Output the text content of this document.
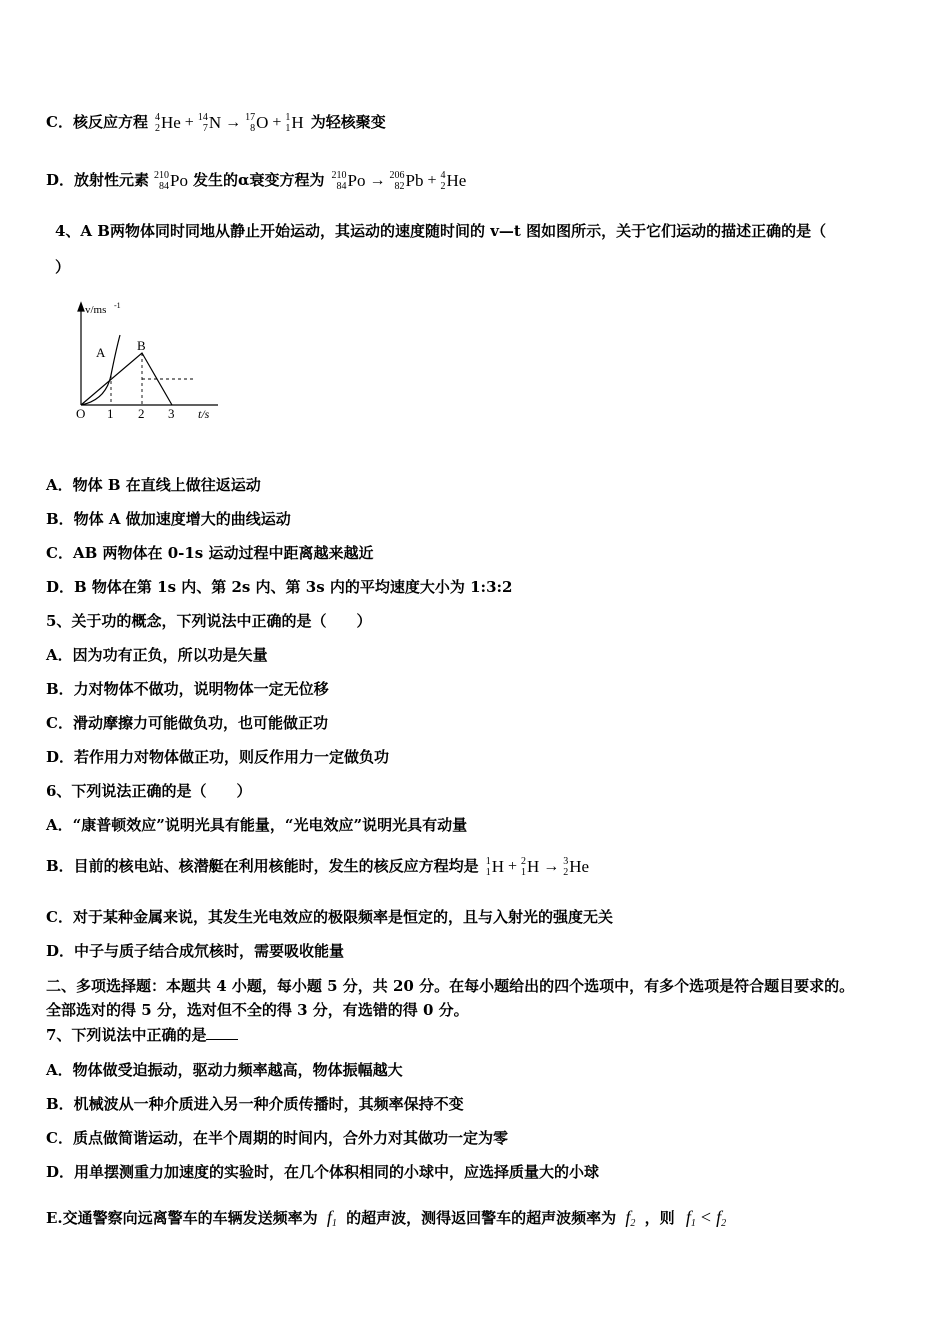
C．核反应方程 4
2 He + 14
7 N → 17
8 O + 1
1 H 为轻核聚变
D．放射性元素 210
84 Po 发生的α衰变方程为 210
84 Po → 206
82 Pb + 4
2 He
4、A B两物体同时同地从静止开始运动，其运动的速度随时间的 v—t 图如图所示，关于它们运动的描述正确的是（
）
v/ms -1
A B
O 1 2 3 t/s
A．物体 B 在直线上做往返运动
B．物体 A 做加速度增大的曲线运动
C．AB 两物体在 0-1s 运动过程中距离越来越近
D．B 物体在第 1s 内、第 2s 内、第 3s 内的平均速度大小为 1:3:2
5、关于功的概念，下列说法中正确的是（　　）
A．因为功有正负，所以功是矢量
B．力对物体不做功，说明物体一定无位移
C．滑动摩擦力可能做负功，也可能做正功
D．若作用力对物体做正功，则反作用力一定做负功
6、下列说法正确的是（　　）
A．“康普顿效应”说明光具有能量，“光电效应”说明光具有动量
B．目前的核电站、核潜艇在利用核能时，发生的核反应方程均是 1
1 H + 2
1 H → 3
2 He
C．对于某种金属来说，其发生光电效应的极限频率是恒定的，且与入射光的强度无关
D．中子与质子结合成氘核时，需要吸收能量
二、多项选择题：本题共 4 小题，每小题 5 分，共 20 分。在每小题给出的四个选项中，有多个选项是符合题目要求的。
全部选对的得 5 分，选对但不全的得 3 分，有选错的得 0 分。
7、下列说法中正确的是
A．物体做受迫振动，驱动力频率越高，物体振幅越大
B．机械波从一种介质进入另一种介质传播时，其频率保持不变
C．质点做简谐运动，在半个周期的时间内，合外力对其做功一定为零
D．用单摆测重力加速度的实验时，在几个体积相同的小球中，应选择质量大的小球
E.交通警察向远离警车的车辆发送频率为 $f_1$ 的超声波，测得返回警车的超声波频率为 $f_2$ ，则 $f_1 < f_2$
